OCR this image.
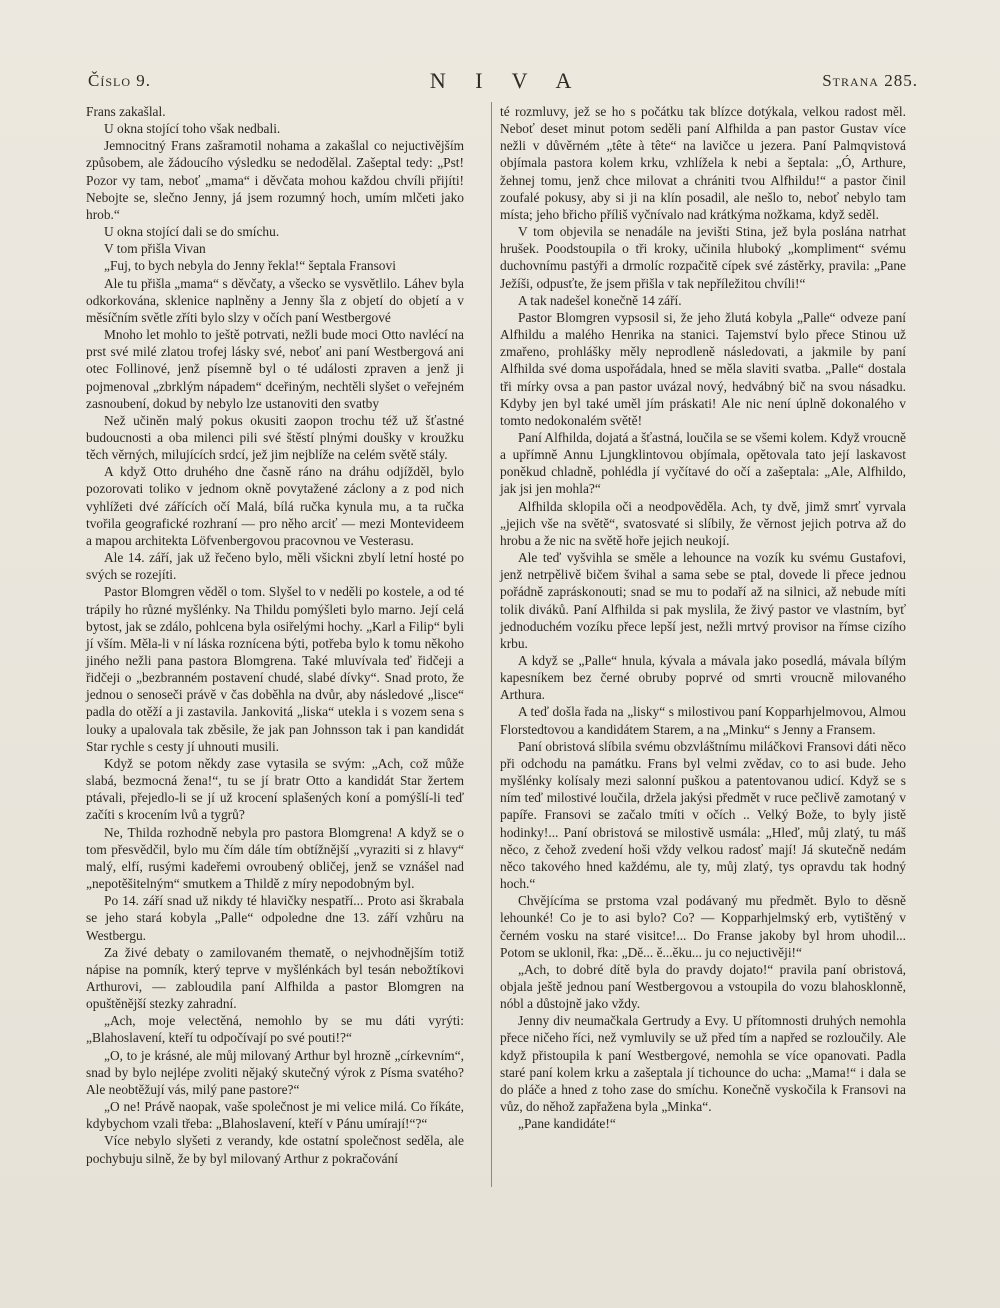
Číslo 9.	N I V A	Strana 285.

Frans zakašlal.

U okna stojící toho však nedbali.

Jemnocitný Frans zašramotil nohama a zakašlal co nejuctivějším způsobem, ale žádoucího výsledku se nedodělal. Zašeptal tedy: „Pst! Pozor vy tam, neboť „mama“ i děvčata mohou každou chvíli přijíti! Nebojte se, slečno Jenny, já jsem rozumný hoch, umím mlčeti jako hrob.“

U okna stojící dali se do smíchu.

V tom přišla Vivan

„Fuj, to bych nebyla do Jenny řekla!“ šeptala Fransovi

Ale tu přišla „mama“ s děvčaty, a všecko se vysvětlilo. Láhev byla odkorkována, sklenice naplněny a Jenny šla z objetí do objetí a v měsíčním světle zříti bylo slzy v očích paní Westbergové

Mnoho let mohlo to ještě potrvati, nežli bude moci Otto navlécí na prst své milé zlatou trofej lásky své, neboť ani paní Westbergová ani otec Follinové, jenž písemně byl o té události zpraven a jenž ji pojmenoval „zbrklým nápadem“ dceřiným, nechtěli slyšet o veřejném zasnoubení, dokud by nebylo lze ustanoviti den svatby

Než učiněn malý pokus okusiti zaopon trochu též už šťastné budoucnosti a oba milenci pili své štěstí plnými doušky v kroužku těch věrných, milujících srdcí, jež jim nejblíže na celém světě stály.

A když Otto druhého dne časně ráno na dráhu odjížděl, bylo pozorovati toliko v jednom okně povytažené záclony a z pod nich vyhlížeti dvé zářících očí Malá, bílá ručka kynula mu, a ta ručka tvořila geografické rozhraní — pro něho arciť — mezi Montevideem a mapou architekta Löfvenbergovou pracovnou ve Vesterasu.

Ale 14. září, jak už řečeno bylo, měli všickni zbylí letní hosté po svých se rozejíti.

Pastor Blomgren věděl o tom. Slyšel to v neděli po kostele, a od té trápily ho různé myšlénky. Na Thildu pomýšleti bylo marno. Její celá bytost, jak se zdálo, pohlcena byla osiřelými hochy. „Karl a Filip“ byli jí vším. Měla-li v ní láska roznícena býti, potřeba bylo k tomu někoho jiného nežli pana pastora Blomgrena. Také mluvívala teď řidčeji a řidčeji o „bezbranném postavení chudé, slabé dívky“. Snad proto, že jednou o senoseči právě v čas doběhla na dvůr, aby následové „lisce“ padla do otěží a ji zastavila. Jankovitá „liska“ utekla i s vozem sena s louky a upalovala tak zběsile, že jak pan Johnsson tak i pan kandidát Star rychle s cesty jí uhnouti musili.

Když se potom někdy zase vytasila se svým: „Ach, což může slabá, bezmocná žena!“, tu se jí bratr Otto a kandidát Star žertem ptávali, přejedlo-li se jí už krocení splašených koní a pomýšlí-li teď začíti s krocením lvů a tygrů?

Ne, Thilda rozhodně nebyla pro pastora Blomgrena! A když se o tom přesvědčil, bylo mu čím dále tím obtížnější „vyraziti si z hlavy“ malý, elfí, rusými kadeřemi ovroubený obličej, jenž se vznášel nad „nepotěšitelným“ smutkem a Thildě z míry nepodobným byl.

Po 14. září snad už nikdy té hlavičky nespatří... Proto asi škrabala se jeho stará kobyla „Palle“ odpoledne dne 13. září vzhůru na Westbergu.

Za živé debaty o zamilovaném thematě, o nejvhodnějším totiž nápise na pomník, který teprve v myšlénkách byl tesán nebožtíkovi Arthurovi, — zabloudila paní Alfhilda a pastor Blomgren na opuštěnější stezky zahradní.

„Ach, moje velectěná, nemohlo by se mu dáti vyrýti: „Blahoslavení, kteří tu odpočívají po své pouti!?“

„O, to je krásné, ale můj milovaný Arthur byl hrozně „církevním“, snad by bylo nejlépe zvoliti nějaký skutečný výrok z Písma svatého? Ale neobtěžují vás, milý pane pastore?“

„O ne! Právě naopak, vaše společnost je mi velice milá. Co říkáte, kdybychom vzali třeba: „Blahoslavení, kteří v Pánu umírají!“?“

Více nebylo slyšeti z verandy, kde ostatní společnost seděla, ale pochybuju silně, že by byl milovaný Arthur z pokračování

té rozmluvy, jež se ho s počátku tak blízce dotýkala, velkou radost měl. Neboť deset minut potom seděli paní Alfhilda a pan pastor Gustav více nežli v důvěrném „tête à tête“ na lavičce u jezera. Paní Palmqvistová objímala pastora kolem krku, vzhlížela k nebi a šeptala: „Ó, Arthure, žehnej tomu, jenž chce milovat a chrániti tvou Alfhildu!“ a pastor činil zoufalé pokusy, aby si ji na klín posadil, ale nešlo to, neboť nebylo tam místa; jeho břicho příliš vyčnívalo nad krátkýma nožkama, když seděl.

V tom objevila se nenadále na jevišti Stina, jež byla poslána natrhat hrušek. Poodstoupila o tři kroky, učinila hluboký „kompliment“ svému duchovnímu pastýři a drmolíc rozpačitě cípek své zástěrky, pravila: „Pane Ježíši, odpusťte, že jsem přišla v tak nepříležitou chvíli!“

A tak nadešel konečně 14 září.

Pastor Blomgren vypsosil si, že jeho žlutá kobyla „Palle“ odveze paní Alfhildu a malého Henrika na stanici. Tajemství bylo přece Stinou už zmařeno, prohlášky měly neprodleně následovati, a jakmile by paní Alfhilda své doma uspořádala, hned se měla slaviti svatba. „Palle“ dostala tři mírky ovsa a pan pastor uvázal nový, hedvábný bič na svou násadku. Kdyby jen byl také uměl jím práskati! Ale nic není úplně dokonalého v tomto nedokonalém světě!

Paní Alfhilda, dojatá a šťastná, loučila se se všemi kolem. Když vroucně a upřímně Annu Ljungklintovou objímala, opětovala tato její laskavost poněkud chladně, pohlédla jí vyčítavé do očí a zašeptala: „Ale, Alfhildo, jak jsi jen mohla?“

Alfhilda sklopila oči a neodpověděla. Ach, ty dvě, jimž smrť vyrvala „jejich vše na světě“, svatosvaté si slíbily, že věrnost jejich potrva až do hrobu a že nic na světě hoře jejich neukojí.

Ale teď vyšvihla se směle a lehounce na vozík ku svému Gustafovi, jenž netrpělivě bičem švihal a sama sebe se ptal, dovede li přece jednou pořádně zapráskonouti; snad se mu to podaří až na silnici, až nebude míti tolik diváků. Paní Alfhilda si pak myslila, že živý pastor ve vlastním, byť jednoduchém vozíku přece lepší jest, nežli mrtvý provisor na římse cizího krbu.

A když se „Palle“ hnula, kývala a mávala jako posedlá, mávala bílým kapesníkem bez černé obruby poprvé od smrti vroucně milovaného Arthura.

A teď došla řada na „lisky“ s milostivou paní Kopparhjelmovou, Almou Florstedtovou a kandidátem Starem, a na „Minku“ s Jenny a Fransem.

Paní obristová slíbila svému obzvláštnímu miláčkovi Fransovi dáti něco při odchodu na památku. Frans byl velmi zvědav, co to asi bude. Jeho myšlénky kolísaly mezi salonní puškou a patentovanou udicí. Když se s ním teď milostivé loučila, držela jakýsi předmět v ruce pečlivě zamotaný v papíře. Fransovi se začalo tmíti v očích .. Velký Bože, to byly jistě hodinky!... Paní obristová se milostivě usmála: „Hleď, můj zlatý, tu máš něco, z čehož zvedení hoši vždy velkou radosť mají! Já skutečně nedám něco takového hned každému, ale ty, můj zlatý, tys opravdu tak hodný hoch.“

Chvějícíma se prstoma vzal podávaný mu předmět. Bylo to děsně lehounké! Co je to asi bylo? Co? — Kopparhjelmský erb, vytištěný v černém vosku na staré visitce!... Do Franse jakoby byl hrom uhodil... Potom se uklonil, řka: „Dě... ě...ěku... ju co nejuctivěji!“

„Ach, to dobré dítě byla do pravdy dojato!“ pravila paní obristová, objala ještě jednou paní Westbergovou a vstoupila do vozu blahosklonně, nóbl a důstojně jako vždy.

Jenny div neumačkala Gertrudy a Evy. U přítomnosti druhých nemohla přece ničeho říci, než vymluvily se už před tím a napřed se rozloučily. Ale když přistoupila k paní Westbergové, nemohla se více opanovati. Padla staré paní kolem krku a zašeptala jí tichounce do ucha: „Mama!“ i dala se do pláče a hned z toho zase do smíchu. Konečně vyskočila k Fransovi na vůz, do něhož zapřažena byla „Minka“.

„Pane kandidáte!“
